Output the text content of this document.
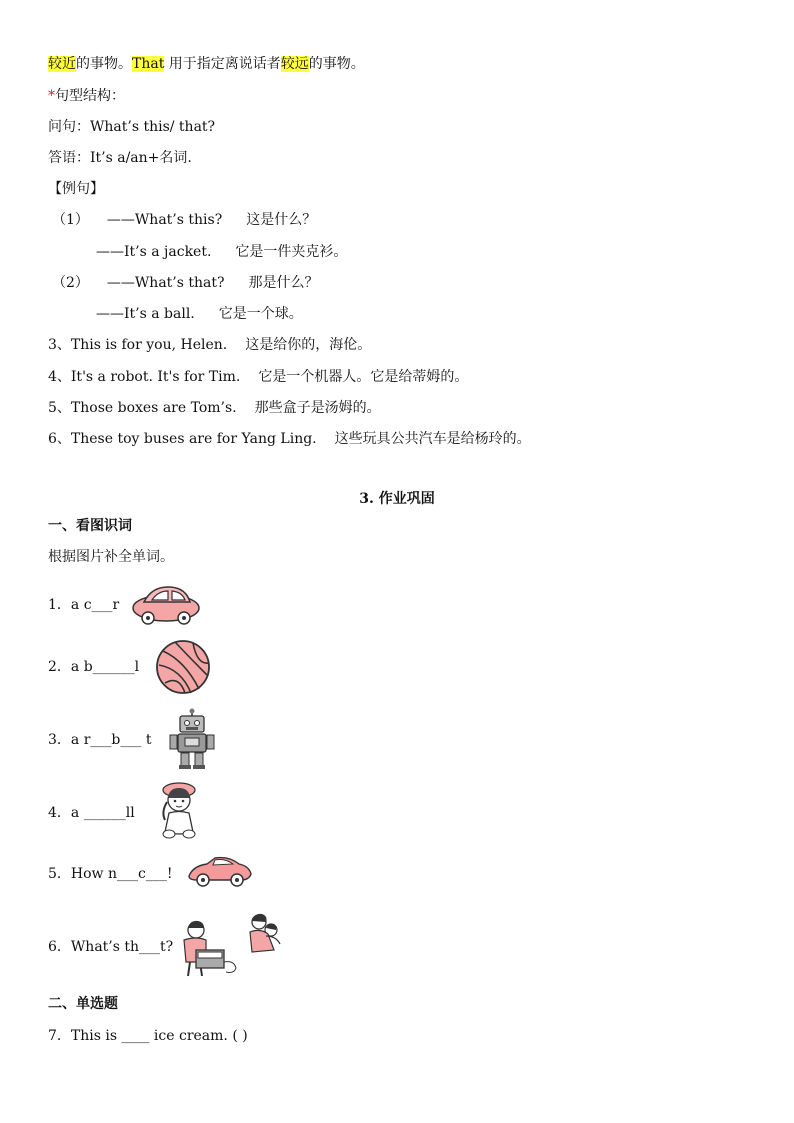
较近的事物。That 用于指定离说话者较远的事物。
*句型结构：
问句：What’s this/ that?
答语：It’s a/an+名词.
【例句】
（1） ——What’s this? 这是什么？
——It’s a jacket. 它是一件夹克衫。
（2） ——What’s that? 那是什么？
——It’s a ball. 它是一个球。
3、This is for you, Helen. 这是给你的，海伦。
4、It's a robot. It's for Tim. 它是一个机器人。它是给蒂姆的。
5、Those boxes are Tom’s. 那些盒子是汤姆的。
6、These toy buses are for Yang Ling. 这些玩具公共汽车是给杨玲的。
3. 作业巩固
一、看图识词
根据图片补全单词。
1．a c___r
2．a b______l
3．a r___b___ t
4．a ______ll
5．How n___c___!
6．What’s th___t?
二、单选题
7．This is ____ ice cream. ( )
